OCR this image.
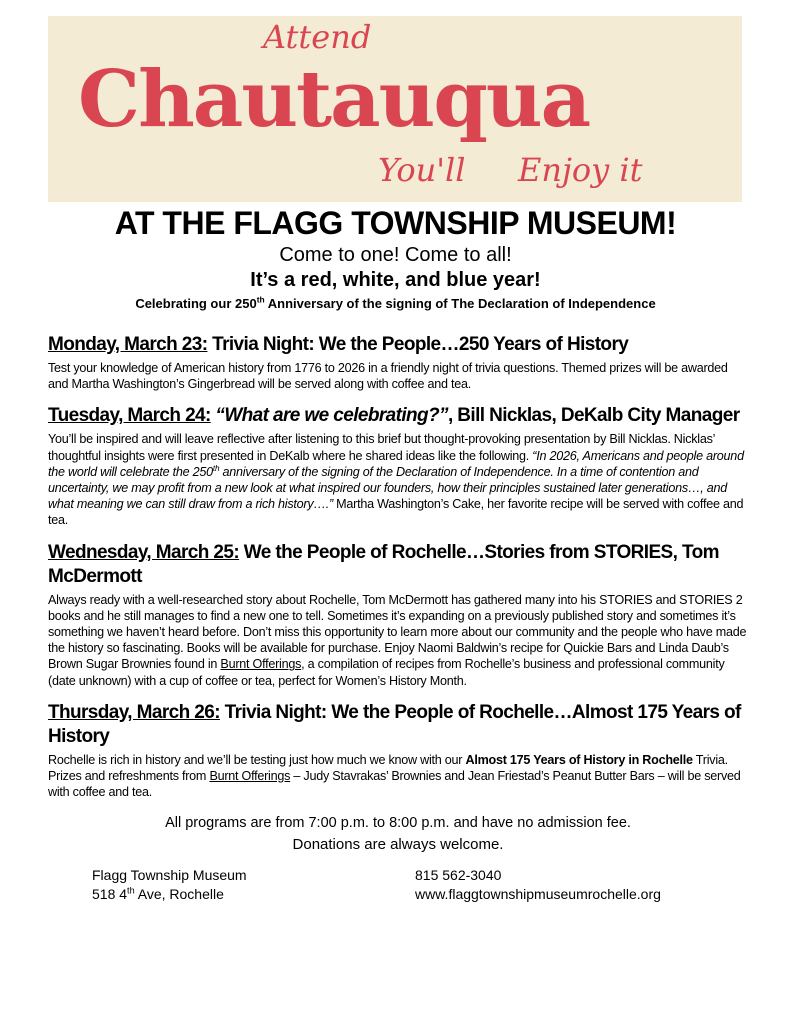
Attend
Chautauqua
You'll Enjoy it
AT THE FLAGG TOWNSHIP MUSEUM!
Come to one! Come to all!
It’s a red, white, and blue year!
Celebrating our 250th Anniversary of the signing of The Declaration of Independence
Monday, March 23: Trivia Night: We the People…250 Years of History

Test your knowledge of American history from 1776 to 2026 in a friendly night of trivia questions. Themed prizes will be awarded and Martha Washington’s Gingerbread will be served along with coffee and tea.

Tuesday, March 24: “What are we celebrating?”, Bill Nicklas, DeKalb City Manager

You’ll be inspired and will leave reflective after listening to this brief but thought-provoking presentation by Bill Nicklas. Nicklas’ thoughtful insights were first presented in DeKalb where he shared ideas like the following. “In 2026, Americans and people around the world will celebrate the 250th anniversary of the signing of the Declaration of Independence. In a time of contention and uncertainty, we may profit from a new look at what inspired our founders, how their principles sustained later generations…, and what meaning we can still draw from a rich history….” Martha Washington’s Cake, her favorite recipe will be served with coffee and tea.

Wednesday, March 25: We the People of Rochelle…Stories from STORIES, Tom McDermott

Always ready with a well-researched story about Rochelle, Tom McDermott has gathered many into his STORIES and STORIES 2 books and he still manages to find a new one to tell. Sometimes it’s expanding on a previously published story and sometimes it’s something we haven’t heard before. Don’t miss this opportunity to learn more about our community and the people who have made the history so fascinating. Books will be available for purchase. Enjoy Naomi Baldwin’s recipe for Quickie Bars and Linda Daub’s Brown Sugar Brownies found in Burnt Offerings, a compilation of recipes from Rochelle’s business and professional community (date unknown) with a cup of coffee or tea, perfect for Women’s History Month.

Thursday, March 26: Trivia Night: We the People of Rochelle…Almost 175 Years of History

Rochelle is rich in history and we’ll be testing just how much we know with our Almost 175 Years of History in Rochelle Trivia. Prizes and refreshments from Burnt Offerings – Judy Stavrakas’ Brownies and Jean Friestad’s Peanut Butter Bars – will be served with coffee and tea.

All programs are from 7:00 p.m. to 8:00 p.m. and have no admission fee.
Donations are always welcome.
Flagg Township Museum
518 4th Ave, Rochelle
815 562-3040
www.flaggtownshipmuseumrochelle.org
